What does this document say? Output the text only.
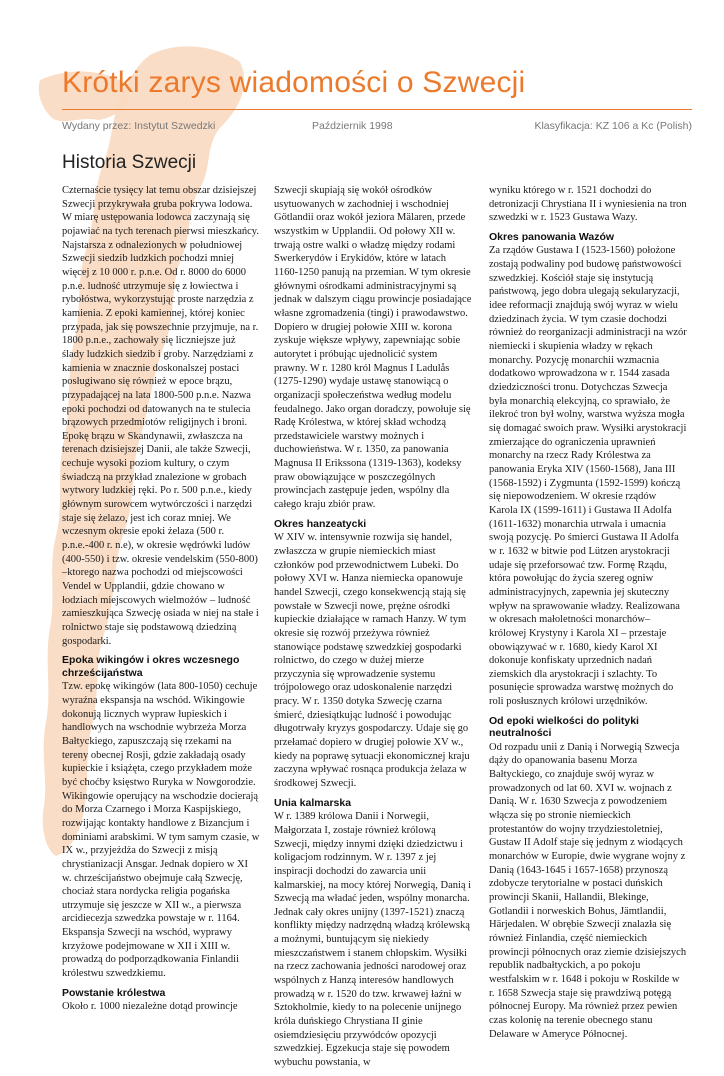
Krótki zarys wiadomości o Szwecji
Wydany przez: Instytut Szwedzki	Październik 1998	Klasyfikacja: KZ 106 a Kc (Polish)
Historia Szwecji

Czternaście tysięcy lat temu obszar dzisiejszej Szwecji przykrywała gruba pokrywa lodowa. W miarę ustępowania lodowca zaczynają się pojawiać na tych terenach pierwsi mieszkańcy. Najstarsza z odnalezionych w południowej Szwecji siedzib ludzkich pochodzi mniej więcej z 10 000 r. p.n.e. Od r. 8000 do 6000 p.n.e. ludność utrzymuje się z łowiectwa i rybołóstwa, wykorzystując proste narzędzia z kamienia. Z epoki kamiennej, której koniec przypada, jak się powszechnie przyjmuje, na r. 1800 p.n.e., zachowały się liczniejsze już ślady ludzkich siedzib i groby. Narzędziami z kamienia w znacznie doskonalszej postaci posługiwano się również w epoce brązu, przypadającej na lata 1800-500 p.n.e. Nazwa epoki pochodzi od datowanych na te stulecia brązowych przedmiotów religijnych i broni. Epokę brązu w Skandynawii, zwłaszcza na terenach dzisiejszej Danii, ale także Szwecji, cechuje wysoki poziom kultury, o czym świadczą na przykład znalezione w grobach wytwory ludzkiej ręki. Po r. 500 p.n.e., kiedy głównym surowcem wytwórczości i narzędzi staje się żelazo, jest ich coraz mniej. We wczesnym okresie epoki żelaza (500 r. p.n.e.-400 r. n.e), w okresie wędrówki ludów (400-550) i tzw. okresie vendelskim (550-800) –ktorego nazwa pochodzi od miejscowości Vendel w Upplandii, gdzie chowano w łodziach miejscowych wielmożów – ludność zamieszkująca Szwecję osiada w niej na stałe i rolnictwo staje się podstawową dziedziną gospodarki.

Epoka wikingów i okres wczesnego chrześcijaństwa

Tzw. epokę wikingów (lata 800-1050) cechuje wyraźna ekspansja na wschód. Wikingowie dokonują licznych wypraw łupieskich i handlowych na wschodnie wybrzeża Morza Bałtyckiego, zapuszczają się rzekami na tereny obecnej Rosji, gdzie zakładają osady kupieckie i książęta, czego przykładem może być choćby księstwo Ruryka w Nowgorodzie. Wikingowie operujący na wschodzie docierają do Morza Czarnego i Morza Kaspijskiego, rozwijając kontakty handlowe z Bizancjum i dominiami arabskimi. W tym samym czasie, w IX w., przyjeżdża do Szwecji z misją chrystianizacji Ansgar. Jednak dopiero w XI w. chrześcijaństwo obejmuje całą Szwecję, chociaż stara nordycka religia pogańska utrzymuje się jeszcze w XII w., a pierwsza arcidiecezja szwedzka powstaje w r. 1164. Ekspansja Szwecji na wschód, wyprawy krzyżowe podejmowane w XII i XIII w. prowadzą do podporządkowania Finlandii królestwu szwedzkiemu.

Powstanie królestwa

Około r. 1000 niezależne dotąd prowincje

Szwecji skupiają się wokół ośrodków usytuowanych w zachodniej i wschodniej Götlandii oraz wokół jeziora Mälaren, przede wszystkim w Upplandii. Od połowy XII w. trwają ostre walki o władzę między rodami Swerkerydów i Erykidów, które w latach 1160-1250 panują na przemian. W tym okresie głównymi ośrodkami administracyjnymi są jednak w dalszym ciągu prowincje posiadające własne zgromadzenia (tingi) i prawodawstwo. Dopiero w drugiej połowie XIII w. korona zyskuje większe wpływy, zapewniając sobie autorytet i próbując ujednolicić system prawny. W r. 1280 król Magnus I Ladulås (1275-1290) wydaje ustawę stanowiącą o organizacji społeczeństwa według modelu feudalnego. Jako organ doradczy, powołuje się Radę Królestwa, w której skład wchodzą przedstawiciele warstwy możnych i duchowieństwa. W r. 1350, za panowania Magnusa II Erikssona (1319-1363), kodeksy praw obowiązujące w poszczególnych prowincjach zastępuje jeden, wspólny dla całego kraju zbiór praw.

Okres hanzeatycki

W XIV w. intensywnie rozwija się handel, zwłaszcza w grupie niemieckich miast członków pod przewodnictwem Lubeki. Do połowy XVI w. Hanza niemiecka opanowuje handel Szwecji, czego konsekwencją stają się powstałe w Szwecji nowe, prężne ośrodki kupieckie działające w ramach Hanzy. W tym okresie się rozwój przeżywa również stanowiące podstawę szwedzkiej gospodarki rolnictwo, do czego w dużej mierze przyczynia się wprowadzenie systemu trójpolowego oraz udoskonalenie narzędzi pracy. W r. 1350 dotyka Szwecję czarna śmierć, dziesiątkując ludność i powodując długotrwały kryzys gospodarczy. Udaje się go przełamać dopiero w drugiej połowie XV w., kiedy na poprawę sytuacji ekonomicznej kraju zaczyna wpływać rosnąca produkcja żelaza w środkowej Szwecji.

Unia kalmarska

W r. 1389 królowa Danii i Norwegii, Małgorzata I, zostaje również królową Szwecji, między innymi dzięki dziedzictwu i koligacjom rodzinnym. W r. 1397 z jej inspiracji dochodzi do zawarcia unii kalmarskiej, na mocy której Norwegią, Danią i Szwecją ma władać jeden, wspólny monarcha. Jednak cały okres unijny (1397-1521) znaczą konflikty między nadrzędną władzą królewską a możnymi, buntującym się niekiedy mieszczaństwem i stanem chłopskim. Wysiłki na rzecz zachowania jedności narodowej oraz wspólnych z Hanzą interesów handlowych prowadzą w r. 1520 do tzw. krwawej łaźni w Sztokholmie, kiedy to na polecenie unijnego króla duńskiego Chrystiana II ginie osiemdziesięciu przywódców opozycji szwedzkiej. Egzekucja staje się powodem wybuchu powstania, w

wyniku którego w r. 1521 dochodzi do detronizacji Chrystiana II i wyniesienia na tron szwedzki w r. 1523 Gustawa Wazy.

Okres panowania Wazów

Za rządów Gustawa I (1523-1560) położone zostają podwaliny pod budowę państwowości szwedzkiej. Kościół staje się instytucją państwową, jego dobra ulegają sekularyzacji, idee reformacji znajdują swój wyraz w wielu dziedzinach życia. W tym czasie dochodzi również do reorganizacji administracji na wzór niemiecki i skupienia władzy w rękach monarchy. Pozycję monarchii wzmacnia dodatkowo wprowadzona w r. 1544 zasada dziedziczności tronu. Dotychczas Szwecja była monarchią elekcyjną, co sprawiało, że ilekroć tron był wolny, warstwa wyższa mogła się domagać swoich praw. Wysiłki arystokracji zmierzające do ograniczenia uprawnień monarchy na rzecz Rady Królestwa za panowania Eryka XIV (1560-1568), Jana III (1568-1592) i Zygmunta (1592-1599) kończą się niepowodzeniem. W okresie rządów Karola IX (1599-1611) i Gustawa II Adolfa (1611-1632) monarchia utrwala i umacnia swoją pozycję. Po śmierci Gustawa II Adolfa w r. 1632 w bitwie pod Lützen arystokracji udaje się przeforsować tzw. Formę Rządu, która powołując do życia szereg ogniw administracyjnych, zapewnia jej skuteczny wpływ na sprawowanie władzy. Realizowana w okresach małoletności monarchów–królowej Krystyny i Karola XI – przestaje obowiązywać w r. 1680, kiedy Karol XI dokonuje konfiskaty uprzednich nadań ziemskich dla arystokracji i szlachty. To posunięcie sprowadza warstwę możnych do roli posłusznych królowi urzędników.

Od epoki wielkości do polityki neutralności

Od rozpadu unii z Danią i Norwegią Szwecja dąży do opanowania basenu Morza Bałtyckiego, co znajduje swój wyraz w prowadzonych od lat 60. XVI w. wojnach z Danią. W r. 1630 Szwecja z powodzeniem włącza się po stronie niemieckich protestantów do wojny trzydziestoletniej, Gustaw II Adolf staje się jednym z wiodących monarchów w Europie, dwie wygrane wojny z Danią (1643-1645 i 1657-1658) przynoszą zdobycze terytorialne w postaci duńskich prowincji Skanii, Hallandii, Blekinge, Gotlandii i norweskich Bohus, Jämtlandii, Härjedalen. W obrębie Szwecji znalazła się również Finlandia, część niemieckich prowincji północnych oraz ziemie dzisiejszych republik nadbałtyckich, a po pokoju westfalskim w r. 1648 i pokoju w Roskilde w r. 1658 Szwecja staje się prawdziwą potęgą północnej Europy. Ma również przez pewien czas kolonię na terenie obecnego stanu Delaware w Ameryce Północnej.
